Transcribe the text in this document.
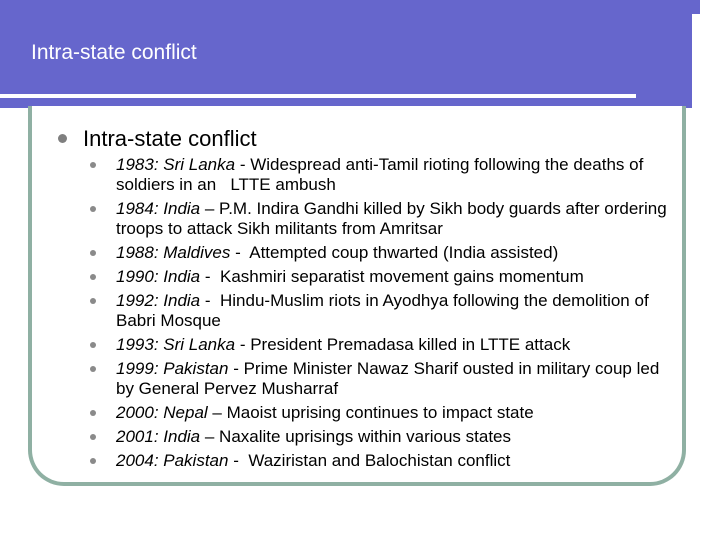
Intra-state conflict
Intra-state conflict
1983: Sri Lanka - Widespread anti-Tamil rioting following the deaths of soldiers in an   LTTE ambush
1984: India – P.M. Indira Gandhi killed by Sikh body guards after ordering troops to attack Sikh militants from Amritsar
1988: Maldives -  Attempted coup thwarted (India assisted)
1990: India -  Kashmiri separatist movement gains momentum
1992: India -  Hindu-Muslim riots in Ayodhya following the demolition of Babri Mosque
1993: Sri Lanka - President Premadasa killed in LTTE attack
1999: Pakistan - Prime Minister Nawaz Sharif ousted in military coup led by General Pervez Musharraf
2000: Nepal – Maoist uprising continues to impact state
2001: India – Naxalite uprisings within various states
2004: Pakistan -  Waziristan and Balochistan conflict
